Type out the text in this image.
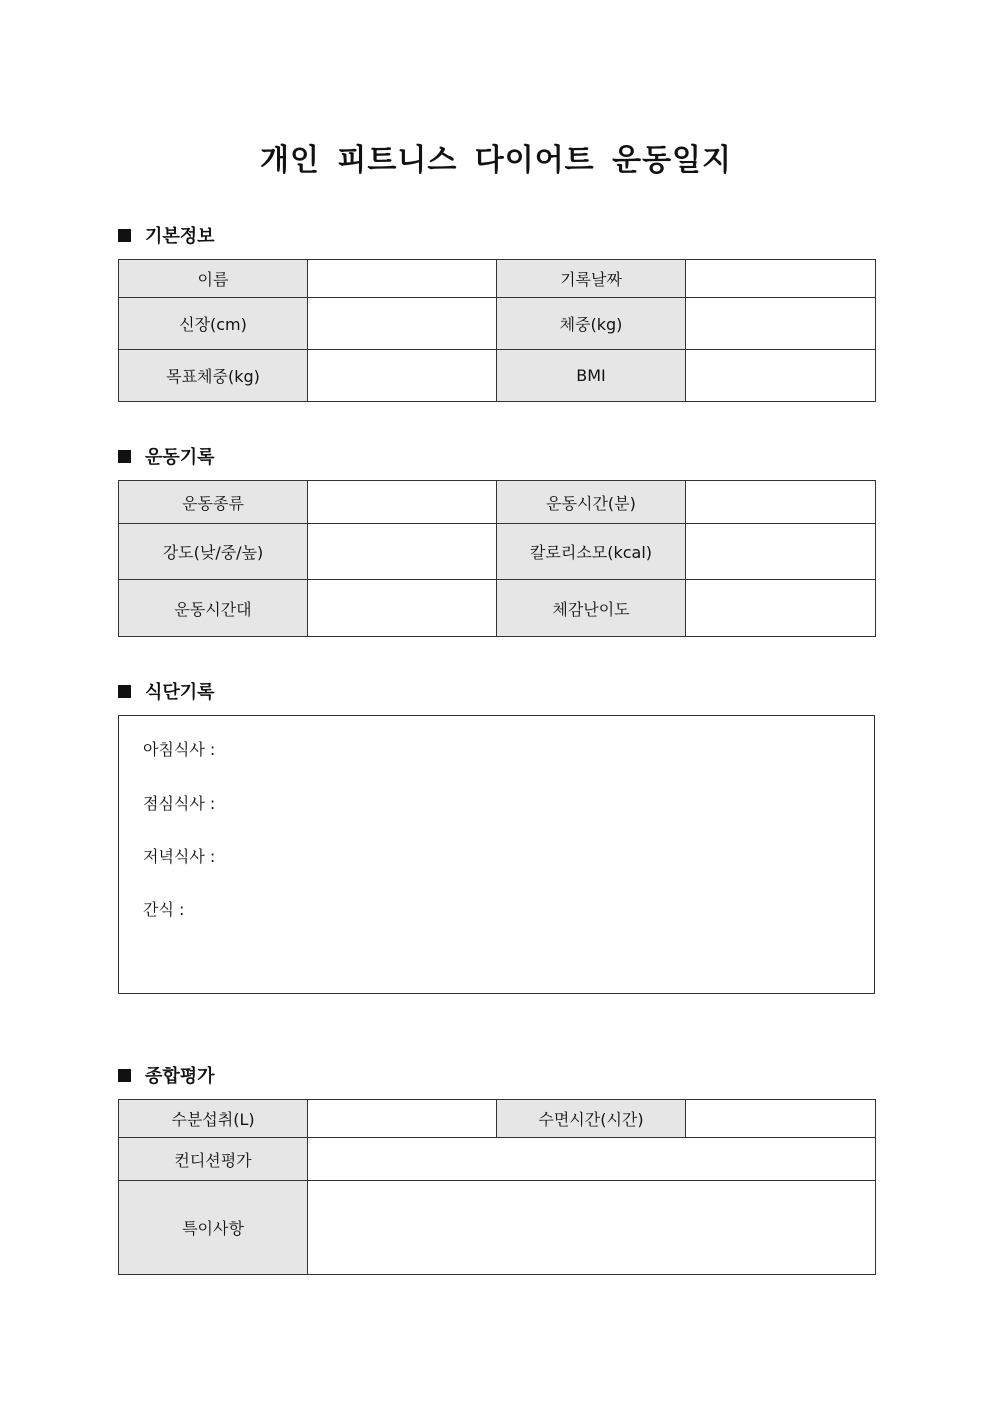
개인 피트니스 다이어트 운동일지
기본정보
이름		기록날짜	
신장(cm)		체중(kg)	
목표체중(kg)		BMI	
운동기록
운동종류		운동시간(분)	
강도(낮/중/높)		칼로리소모(kcal)	
운동시간대		체감난이도	
식단기록
아침식사 :
점심식사 :
저녁식사 :
간식 :
종합평가
수분섭취(L)		수면시간(시간)	
컨디션평가			
특이사항			
